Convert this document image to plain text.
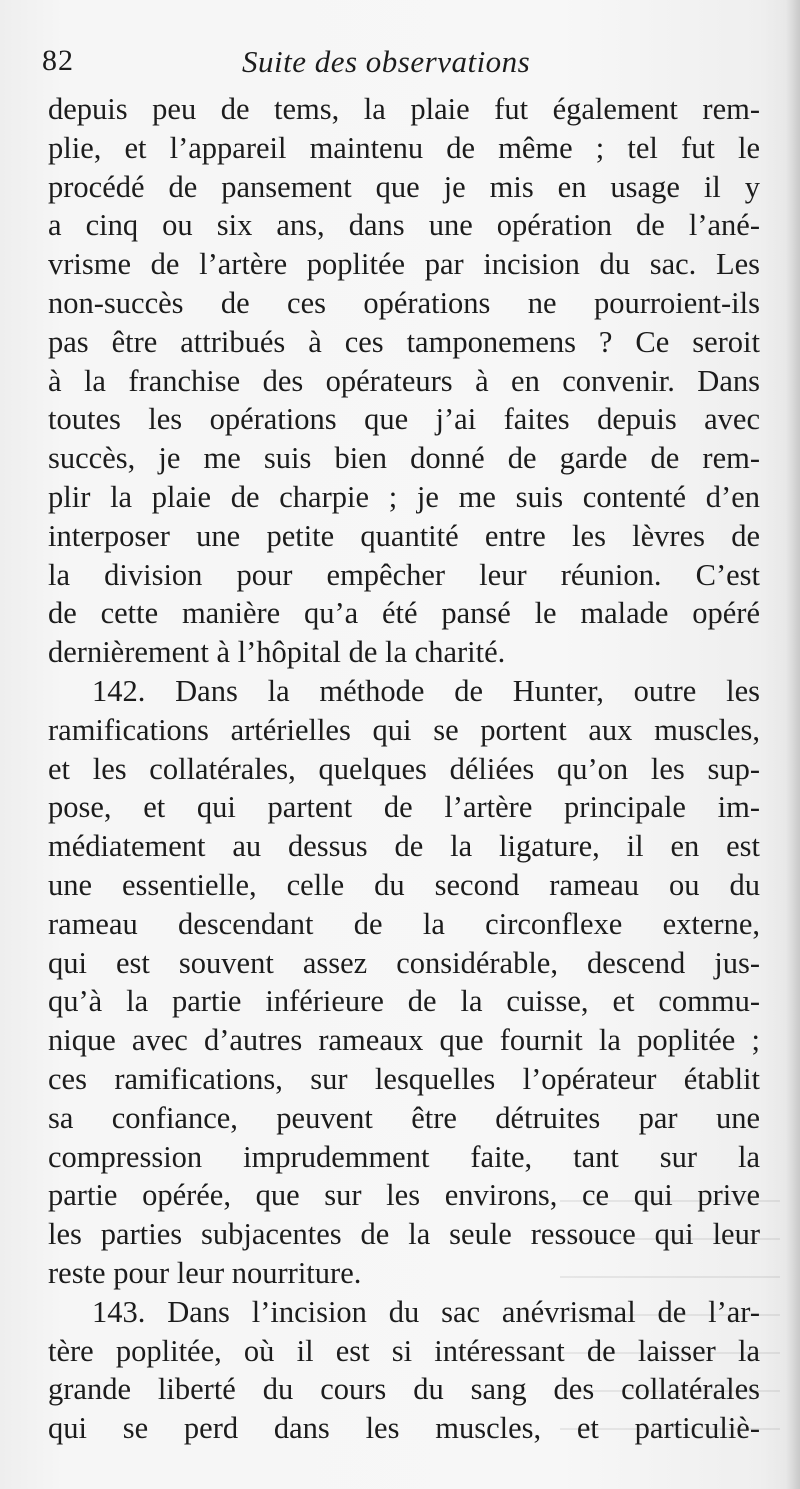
82	Suite des observations
depuis peu de tems, la plaie fut également rem-
plie, et l’appareil maintenu de même ; tel fut le
procédé de pansement que je mis en usage il y
a cinq ou six ans, dans une opération de l’ané-
vrisme de l’artère poplitée par incision du sac. Les
non-succès de ces opérations ne pourroient-ils
pas être attribués à ces tamponemens ? Ce seroit
à la franchise des opérateurs à en convenir. Dans
toutes les opérations que j’ai faites depuis avec
succès, je me suis bien donné de garde de rem-
plir la plaie de charpie ; je me suis contenté d’en
interposer une petite quantité entre les lèvres de
la division pour empêcher leur réunion. C’est
de cette manière qu’a été pansé le malade opéré
dernièrement à l’hôpital de la charité.
142. Dans la méthode de Hunter, outre les
ramifications artérielles qui se portent aux muscles,
et les collatérales, quelques déliées qu’on les sup-
pose, et qui partent de l’artère principale im-
médiatement au dessus de la ligature, il en est
une essentielle, celle du second rameau ou du
rameau descendant de la circonflexe externe,
qui est souvent assez considérable, descend jus-
qu’à la partie inférieure de la cuisse, et commu-
nique avec d’autres rameaux que fournit la poplitée ;
ces ramifications, sur lesquelles l’opérateur établit
sa confiance, peuvent être détruites par une
compression imprudemment faite, tant sur la
partie opérée, que sur les environs, ce qui prive
les parties subjacentes de la seule ressouce qui leur
reste pour leur nourriture.
143. Dans l’incision du sac anévrismal de l’ar-
tère poplitée, où il est si intéressant de laisser la
grande liberté du cours du sang des collatérales
qui se perd dans les muscles, et particuliè-
